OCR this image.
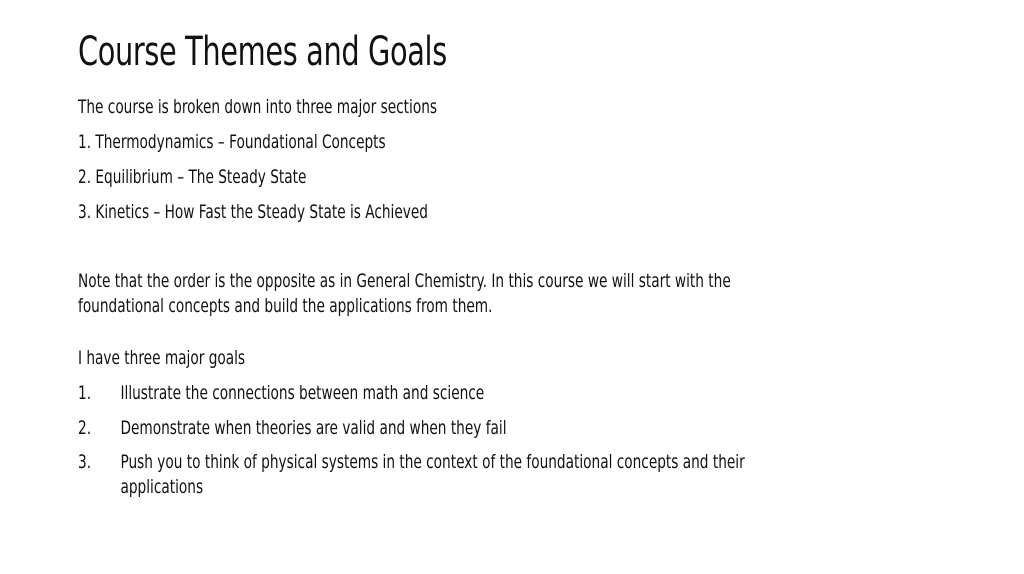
Course Themes and Goals
The course is broken down into three major sections
1. Thermodynamics – Foundational Concepts
2. Equilibrium – The Steady State
3. Kinetics – How Fast the Steady State is Achieved
Note that the order is the opposite as in General Chemistry. In this course we will start with the
foundational concepts and build the applications from them.
I have three major goals
1.	Illustrate the connections between math and science
2.	Demonstrate when theories are valid and when they fail
3.	Push you to think of physical systems in the context of the foundational concepts and their
applications
